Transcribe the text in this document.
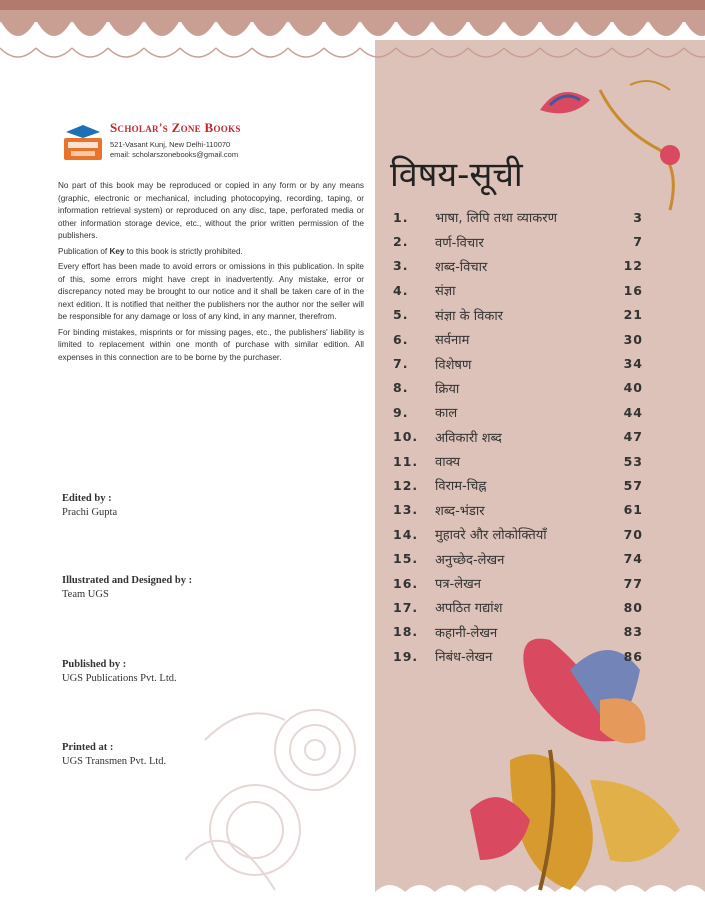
Scholar's Zone Books
521-Vasant Kunj, New Delhi-110070
email: scholarszonebooks@gmail.com

No part of this book may be reproduced or copied in any form or by any means (graphic, electronic or mechanical, including photocopying, recording, taping, or information retrieval system) or reproduced on any disc, tape, perforated media or other information storage device, etc., without the prior written permission of the publishers.

Publication of Key to this book is strictly prohibited.

Every effort has been made to avoid errors or omissions in this publication. In spite of this, some errors might have crept in inadvertently. Any mistake, error or discrepancy noted may be brought to our notice and it shall be taken care of in the next edition. It is notified that neither the publishers nor the author nor the seller will be responsible for any damage or loss of any kind, in any manner, therefrom.

For binding mistakes, misprints or for missing pages, etc., the publishers' liability is limited to replacement within one month of purchase with similar edition. All expenses in this connection are to be borne by the purchaser.

Edited by :
Prachi Gupta
Illustrated and Designed by :
Team UGS
Published by :
UGS Publications Pvt. Ltd.
Printed at :
UGS Transmen Pvt. Ltd.
विषय-सूची
1.	भाषा, लिपि तथा व्याकरण	3
2.	वर्ण-विचार	7
3.	शब्द-विचार	12
4.	संज्ञा	16
5.	संज्ञा के विकार	21
6.	सर्वनाम	30
7.	विशेषण	34
8.	क्रिया	40
9.	काल	44
10.	अविकारी शब्द	47
11.	वाक्य	53
12.	विराम-चिह्न	57
13.	शब्द-भंडार	61
14.	मुहावरे और लोकोक्तियाँ	70
15.	अनुच्छेद-लेखन	74
16.	पत्र-लेखन	77
17.	अपठित गद्यांश	80
18.	कहानी-लेखन	83
19.	निबंध-लेखन	86
